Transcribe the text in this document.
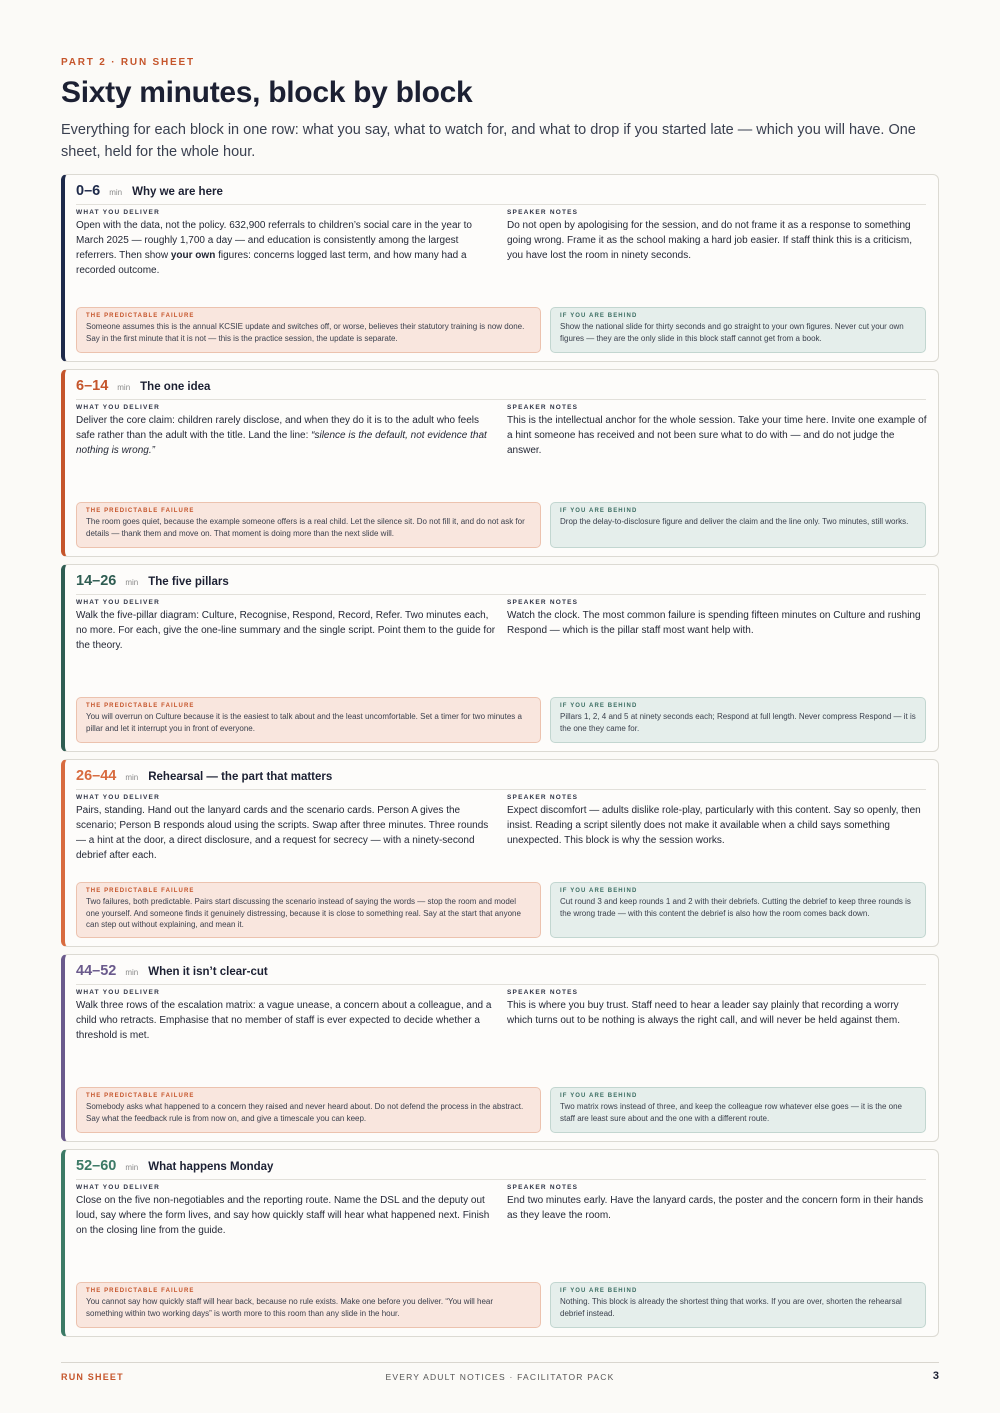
PART 2 · RUN SHEET
Sixty minutes, block by block

Everything for each block in one row: what you say, what to watch for, and what to drop if you started late — which you will have. One sheet, held for the whole hour.

0–6 min Why we are here
WHAT YOU DELIVER
Open with the data, not the policy. 632,900 referrals to children’s social care in the year to March 2025 — roughly 1,700 a day — and education is consistently among the largest referrers. Then show your own figures: concerns logged last term, and how many had a recorded outcome.
SPEAKER NOTES
Do not open by apologising for the session, and do not frame it as a response to something going wrong. Frame it as the school making a hard job easier. If staff think this is a criticism, you have lost the room in ninety seconds.
THE PREDICTABLE FAILURE
Someone assumes this is the annual KCSIE update and switches off, or worse, believes their statutory training is now done. Say in the first minute that it is not — this is the practice session, the update is separate.
IF YOU ARE BEHIND
Show the national slide for thirty seconds and go straight to your own figures. Never cut your own figures — they are the only slide in this block staff cannot get from a book.
6–14 min The one idea
WHAT YOU DELIVER
Deliver the core claim: children rarely disclose, and when they do it is to the adult who feels safe rather than the adult with the title. Land the line: “silence is the default, not evidence that nothing is wrong.”
SPEAKER NOTES
This is the intellectual anchor for the whole session. Take your time here. Invite one example of a hint someone has received and not been sure what to do with — and do not judge the answer.
THE PREDICTABLE FAILURE
The room goes quiet, because the example someone offers is a real child. Let the silence sit. Do not fill it, and do not ask for details — thank them and move on. That moment is doing more than the next slide will.
IF YOU ARE BEHIND
Drop the delay-to-disclosure figure and deliver the claim and the line only. Two minutes, still works.
14–26 min The five pillars
WHAT YOU DELIVER
Walk the five-pillar diagram: Culture, Recognise, Respond, Record, Refer. Two minutes each, no more. For each, give the one-line summary and the single script. Point them to the guide for the theory.
SPEAKER NOTES
Watch the clock. The most common failure is spending fifteen minutes on Culture and rushing Respond — which is the pillar staff most want help with.
THE PREDICTABLE FAILURE
You will overrun on Culture because it is the easiest to talk about and the least uncomfortable. Set a timer for two minutes a pillar and let it interrupt you in front of everyone.
IF YOU ARE BEHIND
Pillars 1, 2, 4 and 5 at ninety seconds each; Respond at full length. Never compress Respond — it is the one they came for.
26–44 min Rehearsal — the part that matters
WHAT YOU DELIVER
Pairs, standing. Hand out the lanyard cards and the scenario cards. Person A gives the scenario; Person B responds aloud using the scripts. Swap after three minutes. Three rounds — a hint at the door, a direct disclosure, and a request for secrecy — with a ninety-second debrief after each.
SPEAKER NOTES
Expect discomfort — adults dislike role-play, particularly with this content. Say so openly, then insist. Reading a script silently does not make it available when a child says something unexpected. This block is why the session works.
THE PREDICTABLE FAILURE
Two failures, both predictable. Pairs start discussing the scenario instead of saying the words — stop the room and model one yourself. And someone finds it genuinely distressing, because it is close to something real. Say at the start that anyone can step out without explaining, and mean it.
IF YOU ARE BEHIND
Cut round 3 and keep rounds 1 and 2 with their debriefs. Cutting the debrief to keep three rounds is the wrong trade — with this content the debrief is also how the room comes back down.
44–52 min When it isn’t clear-cut
WHAT YOU DELIVER
Walk three rows of the escalation matrix: a vague unease, a concern about a colleague, and a child who retracts. Emphasise that no member of staff is ever expected to decide whether a threshold is met.
SPEAKER NOTES
This is where you buy trust. Staff need to hear a leader say plainly that recording a worry which turns out to be nothing is always the right call, and will never be held against them.
THE PREDICTABLE FAILURE
Somebody asks what happened to a concern they raised and never heard about. Do not defend the process in the abstract. Say what the feedback rule is from now on, and give a timescale you can keep.
IF YOU ARE BEHIND
Two matrix rows instead of three, and keep the colleague row whatever else goes — it is the one staff are least sure about and the one with a different route.
52–60 min What happens Monday
WHAT YOU DELIVER
Close on the five non-negotiables and the reporting route. Name the DSL and the deputy out loud, say where the form lives, and say how quickly staff will hear what happened next. Finish on the closing line from the guide.
SPEAKER NOTES
End two minutes early. Have the lanyard cards, the poster and the concern form in their hands as they leave the room.
THE PREDICTABLE FAILURE
You cannot say how quickly staff will hear back, because no rule exists. Make one before you deliver. “You will hear something within two working days” is worth more to this room than any slide in the hour.
IF YOU ARE BEHIND
Nothing. This block is already the shortest thing that works. If you are over, shorten the rehearsal debrief instead.
RUN SHEET	EVERY ADULT NOTICES · FACILITATOR PACK	3
